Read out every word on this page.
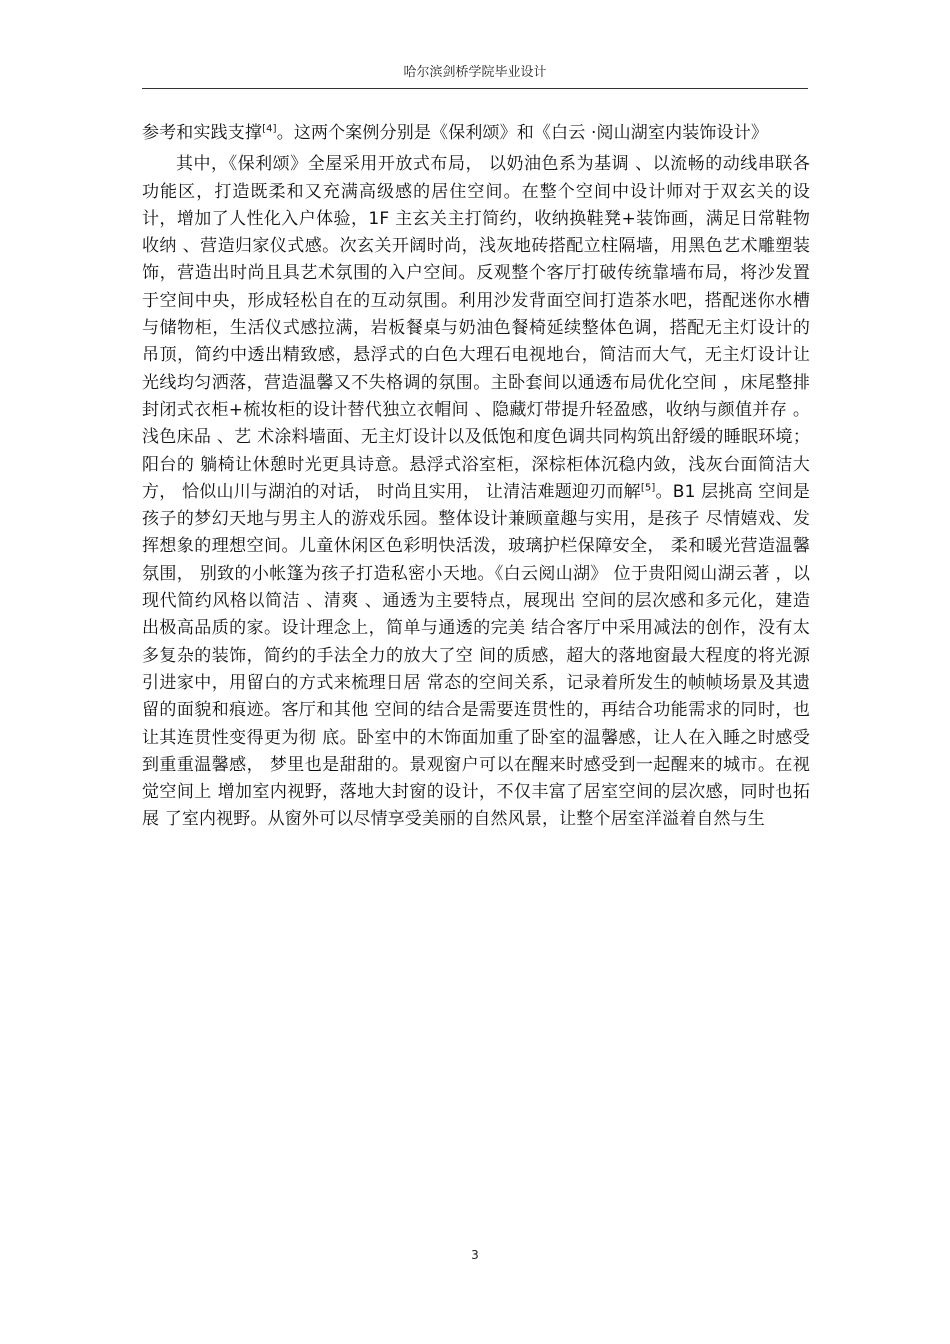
哈尔滨剑桥学院毕业设计

参考和实践支撑[4]。这两个案例分别是《保利颂》和《白云 ·阅山湖室内装饰设计》

其中，《保利颂》全屋采用开放式布局， 以奶油色系为基调 、以流畅的动线串联各功能区，打造既柔和又充满高级感的居住空间。在整个空间中设计师对于双玄关的设计，增加了人性化入户体验，1F 主玄关主打简约，收纳换鞋凳+装饰画，满足日常鞋物收纳 、营造归家仪式感。次玄关开阔时尚，浅灰地砖搭配立柱隔墙，用黑色艺术雕塑装饰，营造出时尚且具艺术氛围的入户空间。反观整个客厅打破传统靠墙布局，将沙发置于空间中央，形成轻松自在的互动氛围。利用沙发背面空间打造茶水吧，搭配迷你水槽与储物柜，生活仪式感拉满，岩板餐桌与奶油色餐椅延续整体色调，搭配无主灯设计的吊顶，简约中透出精致感，悬浮式的白色大理石电视地台，简洁而大气，无主灯设计让光线均匀洒落，营造温馨又不失格调的氛围。主卧套间以通透布局优化空间 ，床尾整排封闭式衣柜+梳妆柜的设计替代独立衣帽间 、隐藏灯带提升轻盈感，收纳与颜值并存 。浅色床品 、艺 术涂料墙面、无主灯设计以及低饱和度色调共同构筑出舒缓的睡眠环境；阳台的 躺椅让休憩时光更具诗意。悬浮式浴室柜，深棕柜体沉稳内敛，浅灰台面简洁大 方， 恰似山川与湖泊的对话， 时尚且实用， 让清洁难题迎刃而解[5]。B1 层挑高 空间是孩子的梦幻天地与男主人的游戏乐园。整体设计兼顾童趣与实用，是孩子 尽情嬉戏、发挥想象的理想空间。儿童休闲区色彩明快活泼，玻璃护栏保障安全， 柔和暖光营造温馨氛围， 别致的小帐篷为孩子打造私密小天地。《白云阅山湖》 位于贵阳阅山湖云著 ，以现代简约风格以简洁 、清爽 、通透为主要特点，展现出 空间的层次感和多元化，建造出极高品质的家。设计理念上，简单与通透的完美 结合客厅中采用减法的创作，没有太多复杂的装饰，简约的手法全力的放大了空 间的质感，超大的落地窗最大程度的将光源引进家中，用留白的方式来梳理日居 常态的空间关系，记录着所发生的帧帧场景及其遗留的面貌和痕迹。客厅和其他 空间的结合是需要连贯性的，再结合功能需求的同时，也让其连贯性变得更为彻 底。卧室中的木饰面加重了卧室的温馨感，让人在入睡之时感受到重重温馨感， 梦里也是甜甜的。景观窗户可以在醒来时感受到一起醒来的城市。在视觉空间上 增加室内视野，落地大封窗的设计，不仅丰富了居室空间的层次感，同时也拓展 了室内视野。从窗外可以尽情享受美丽的自然风景，让整个居室洋溢着自然与生

3
